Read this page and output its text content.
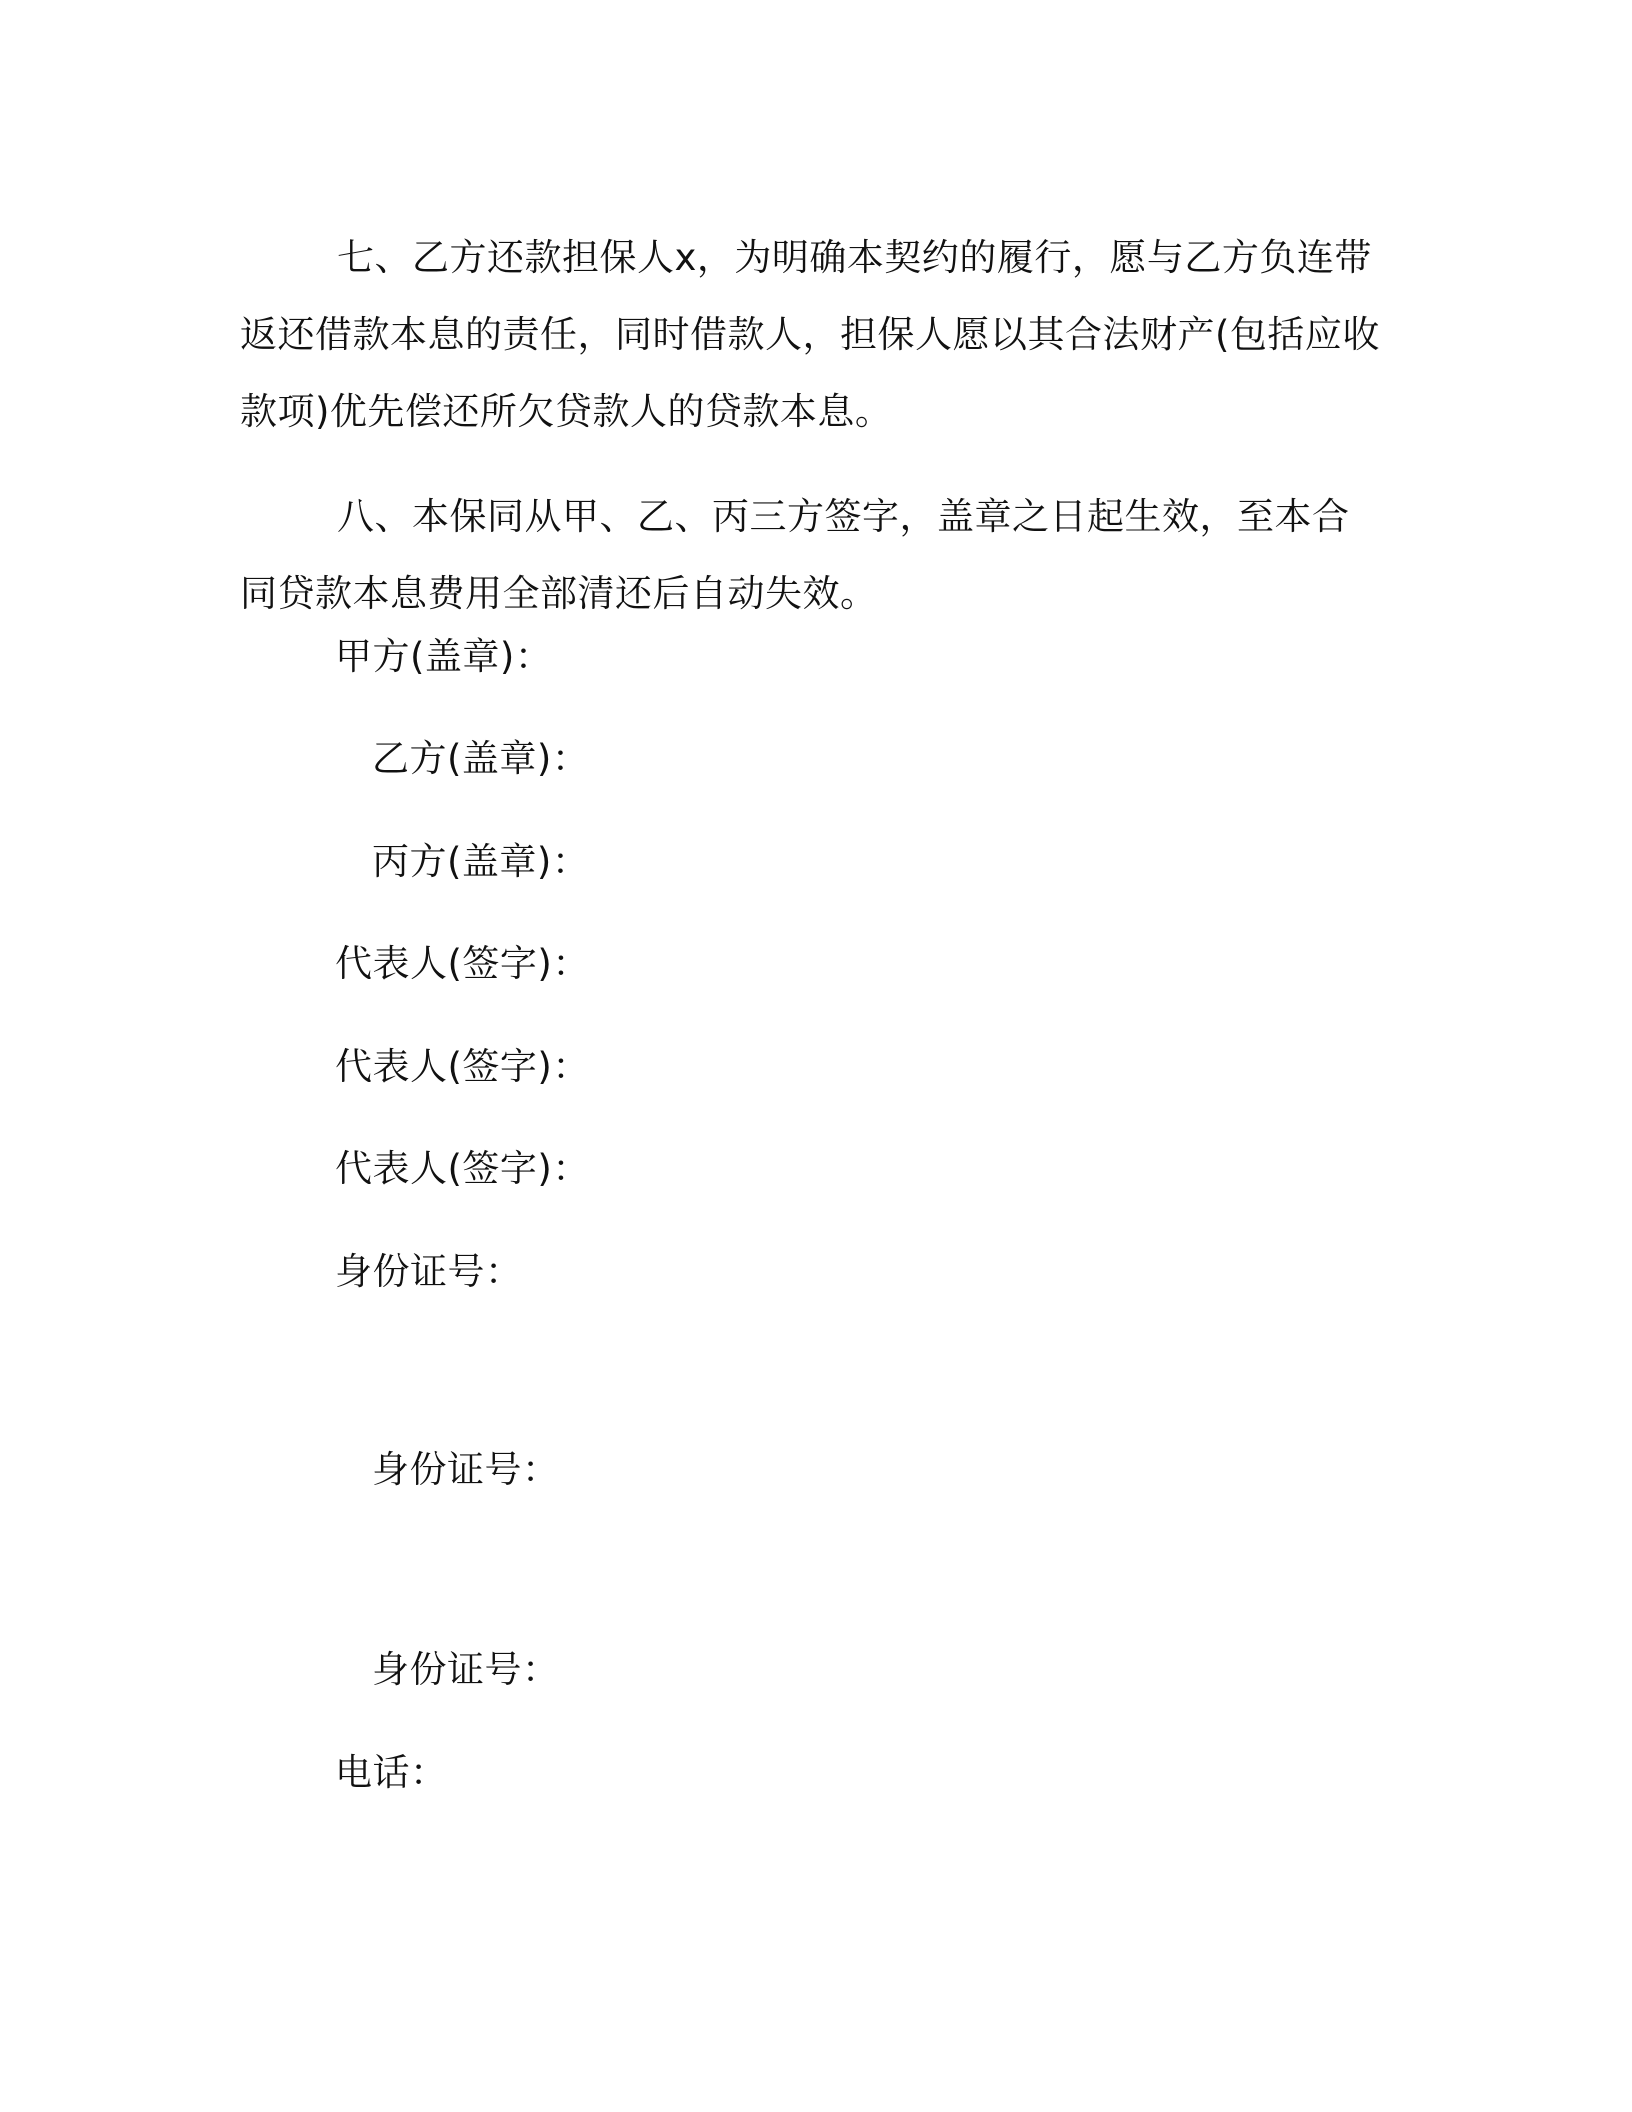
七、乙方还款担保人x，为明确本契约的履行，愿与乙方负连带返还借款本息的责任，同时借款人，担保人愿以其合法财产(包括应收款项)优先偿还所欠贷款人的贷款本息。

八、本保同从甲、乙、丙三方签字，盖章之日起生效，至本合同贷款本息费用全部清还后自动失效。

甲方(盖章)：
乙方(盖章)：
丙方(盖章)：
代表人(签字)：
代表人(签字)：
代表人(签字)：
身份证号：
身份证号：
身份证号：
电话：
